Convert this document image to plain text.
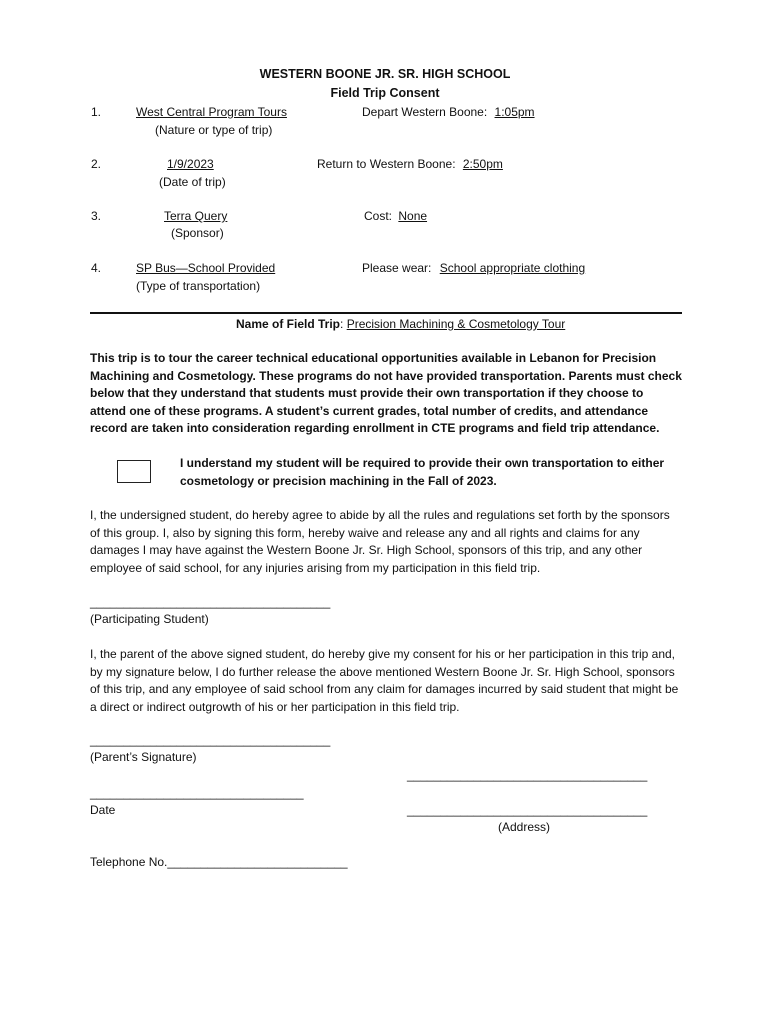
WESTERN BOONE JR. SR. HIGH SCHOOL
Field Trip Consent
1.	West Central Program Tours
(Nature or type of trip)
Depart Western Boone: 1:05pm
2.	1/9/2023
(Date of trip)
Return to Western Boone: 2:50pm
3.	Terra Query
(Sponsor)
Cost: None
4.	SP Bus—School Provided
(Type of transportation)
Please wear: School appropriate clothing
Name of Field Trip: Precision Machining & Cosmetology Tour
This trip is to tour the career technical educational opportunities available in Lebanon for Precision Machining and Cosmetology. These programs do not have provided transportation. Parents must check below that they understand that students must provide their own transportation if they choose to attend one of these programs. A student’s current grades, total number of credits, and attendance record are taken into consideration regarding enrollment in CTE programs and field trip attendance.
I understand my student will be required to provide their own transportation to either cosmetology or precision machining in the Fall of 2023.
I, the undersigned student, do hereby agree to abide by all the rules and regulations set forth by the sponsors of this group. I, also by signing this form, hereby waive and release any and all rights and claims for any damages I may have against the Western Boone Jr. Sr. High School, sponsors of this trip, and any other employee of said school, for any injuries arising from my participation in this field trip.
____________________________________
(Participating Student)
I, the parent of the above signed student, do hereby give my consent for his or her participation in this trip and, by my signature below, I do further release the above mentioned Western Boone Jr. Sr. High School, sponsors of this trip, and any employee of said school from any claim for damages incurred by said student that might be a direct or indirect outgrowth of his or her participation in this field trip.
____________________________________
(Parent’s Signature)
____________________________________
________________________________
Date	____________________________________
(Address)
Telephone No.___________________________
